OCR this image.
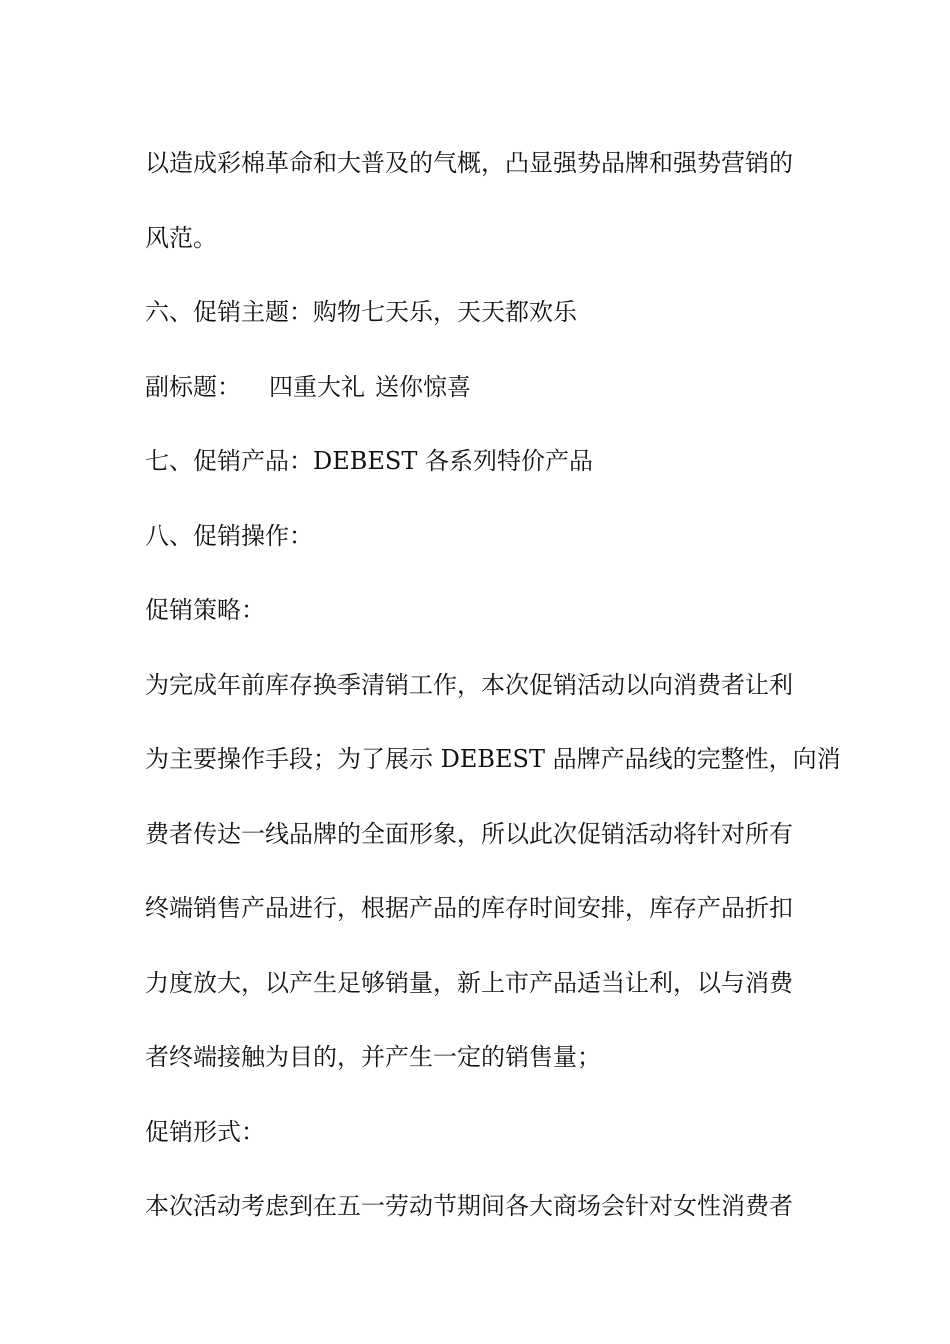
以造成彩棉革命和大普及的气概，凸显强势品牌和强势营销的
风范。
六、促销主题：购物七天乐，天天都欢乐
副标题： 四重大礼 送你惊喜
七、促销产品：DEBEST 各系列特价产品
八、促销操作：
促销策略：
为完成年前库存换季清销工作，本次促销活动以向消费者让利
为主要操作手段；为了展示 DEBEST 品牌产品线的完整性，向消
费者传达一线品牌的全面形象，所以此次促销活动将针对所有
终端销售产品进行，根据产品的库存时间安排，库存产品折扣
力度放大，以产生足够销量，新上市产品适当让利，以与消费
者终端接触为目的，并产生一定的销售量；
促销形式：
本次活动考虑到在五一劳动节期间各大商场会针对女性消费者
